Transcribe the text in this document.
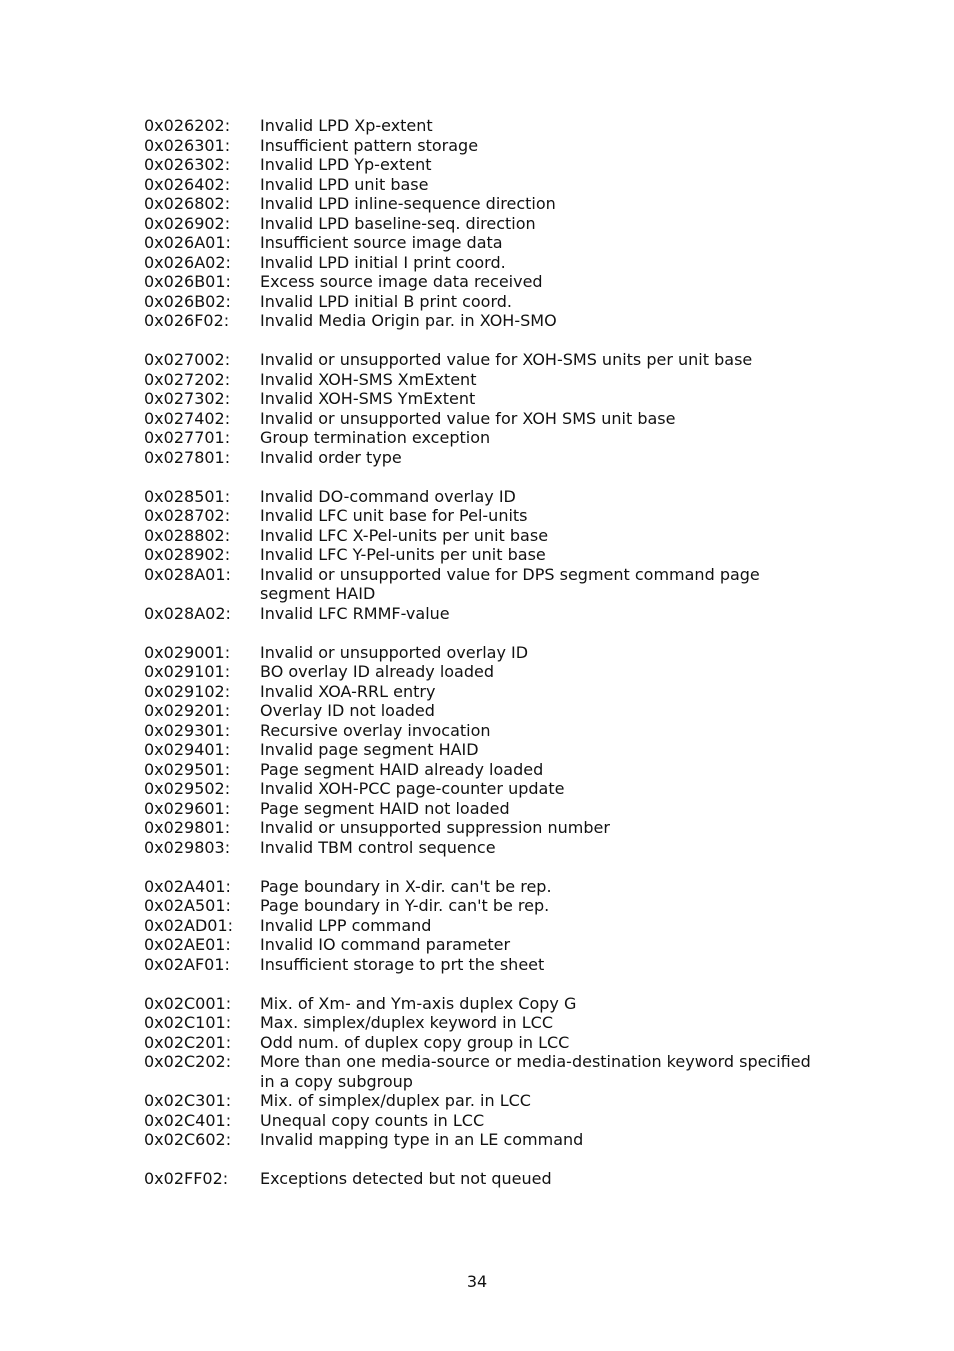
0x026202:	Invalid LPD Xp-extent
0x026301:	Insufficient pattern storage
0x026302:	Invalid LPD Yp-extent
0x026402:	Invalid LPD unit base
0x026802:	Invalid LPD inline-sequence direction
0x026902:	Invalid LPD baseline-seq. direction
0x026A01:	Insufficient source image data
0x026A02:	Invalid LPD initial I print coord.
0x026B01:	Excess source image data received
0x026B02:	Invalid LPD initial B print coord.
0x026F02:	Invalid Media Origin par. in XOH-SMO
0x027002:	Invalid or unsupported value for XOH-SMS units per unit base
0x027202:	Invalid XOH-SMS XmExtent
0x027302:	Invalid XOH-SMS YmExtent
0x027402:	Invalid or unsupported value for XOH SMS unit base
0x027701:	Group termination exception
0x027801:	Invalid order type
0x028501:	Invalid DO-command overlay ID
0x028702:	Invalid LFC unit base for Pel-units
0x028802:	Invalid LFC X-Pel-units per unit base
0x028902:	Invalid LFC Y-Pel-units per unit base
0x028A01:	Invalid or unsupported value for DPS segment command page segment HAID
0x028A02:	Invalid LFC RMMF-value
0x029001:	Invalid or unsupported overlay ID
0x029101:	BO overlay ID already loaded
0x029102:	Invalid XOA-RRL entry
0x029201:	Overlay ID not loaded
0x029301:	Recursive overlay invocation
0x029401:	Invalid page segment HAID
0x029501:	Page segment HAID already loaded
0x029502:	Invalid XOH-PCC page-counter update
0x029601:	Page segment HAID not loaded
0x029801:	Invalid or unsupported suppression number
0x029803:	Invalid TBM control sequence
0x02A401:	Page boundary in X-dir. can't be rep.
0x02A501:	Page boundary in Y-dir. can't be rep.
0x02AD01:	Invalid LPP command
0x02AE01:	Invalid IO command parameter
0x02AF01:	Insufficient storage to prt the sheet
0x02C001:	Mix. of Xm- and Ym-axis duplex Copy G
0x02C101:	Max. simplex/duplex keyword in LCC
0x02C201:	Odd num. of duplex copy group in LCC
0x02C202:	More than one media-source or media-destination keyword specified in a copy subgroup
0x02C301:	Mix. of simplex/duplex par. in LCC
0x02C401:	Unequal copy counts in LCC
0x02C602:	Invalid mapping type in an LE command
0x02FF02:	Exceptions detected but not queued
34
